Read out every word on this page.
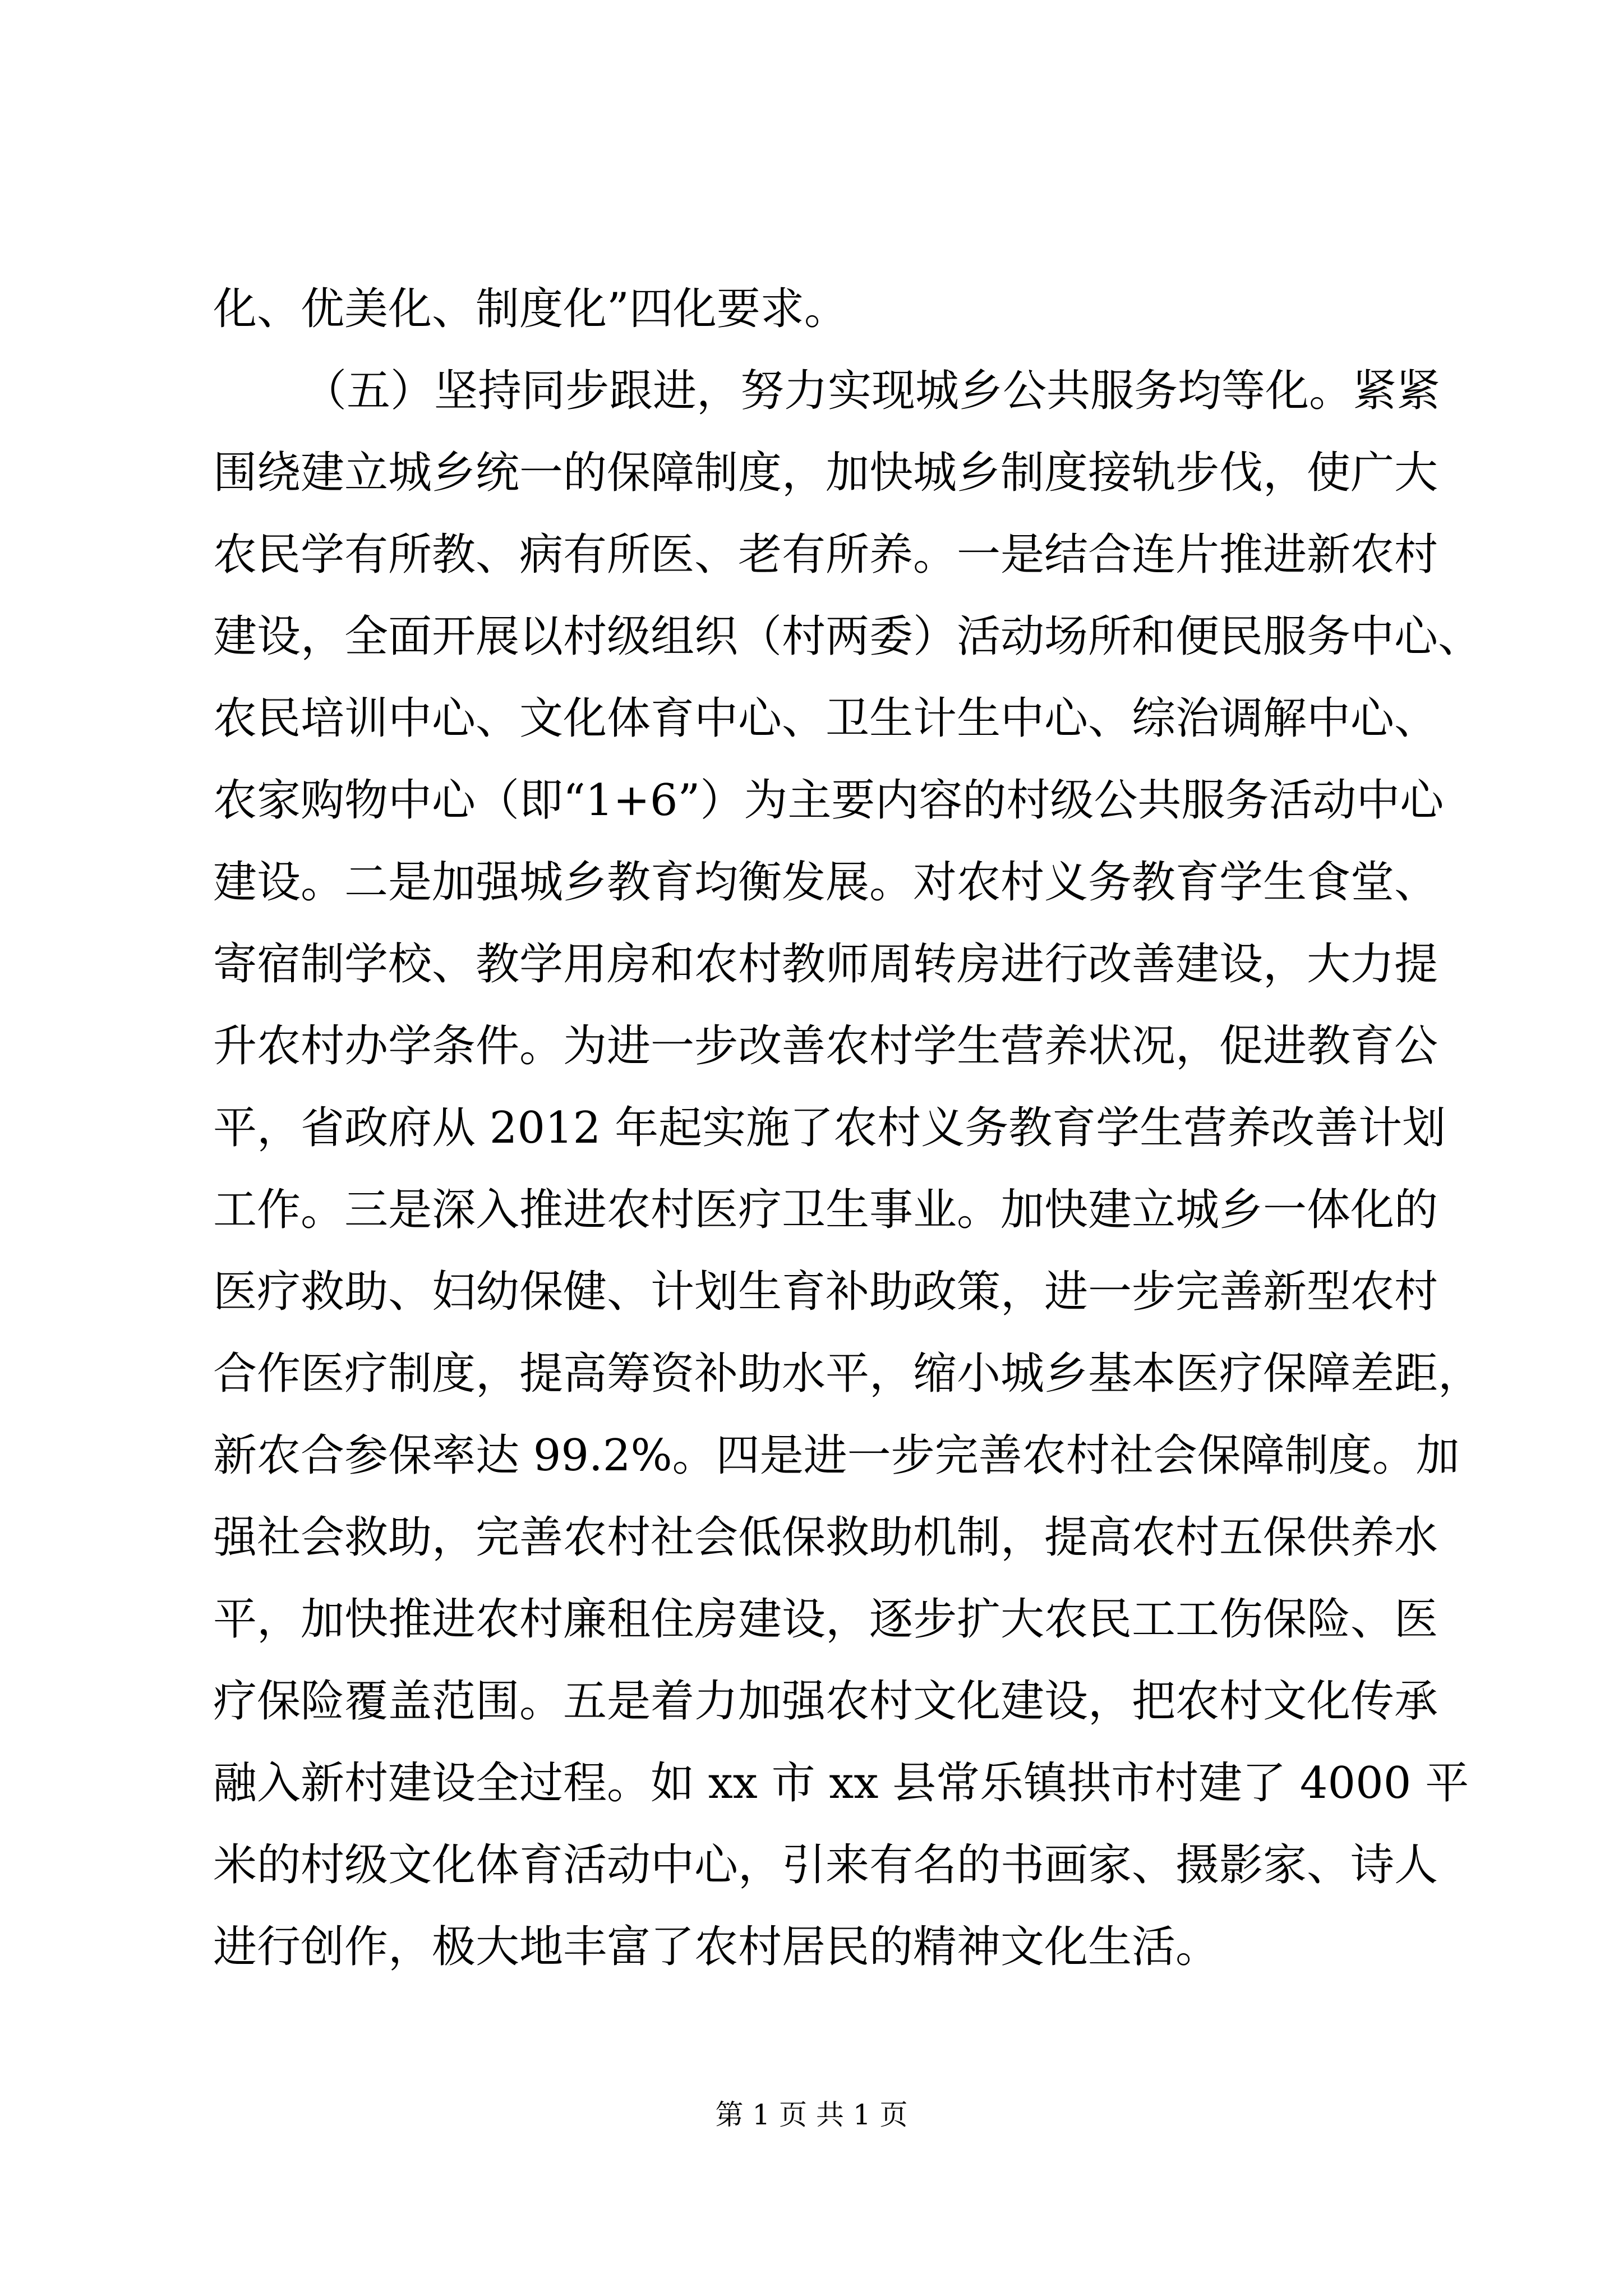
化、优美化、制度化”四化要求。
（五）坚持同步跟进，努力实现城乡公共服务均等化。紧紧
围绕建立城乡统一的保障制度，加快城乡制度接轨步伐，使广大
农民学有所教、病有所医、老有所养。一是结合连片推进新农村
建设，全面开展以村级组织（村两委）活动场所和便民服务中心、
农民培训中心、文化体育中心、卫生计生中心、综治调解中心、
农家购物中心（即“1+6”）为主要内容的村级公共服务活动中心
建设。二是加强城乡教育均衡发展。对农村义务教育学生食堂、
寄宿制学校、教学用房和农村教师周转房进行改善建设，大力提
升农村办学条件。为进一步改善农村学生营养状况，促进教育公
平，省政府从 2012 年起实施了农村义务教育学生营养改善计划
工作。三是深入推进农村医疗卫生事业。加快建立城乡一体化的
医疗救助、妇幼保健、计划生育补助政策，进一步完善新型农村
合作医疗制度，提高筹资补助水平，缩小城乡基本医疗保障差距，
新农合参保率达 99.2%。四是进一步完善农村社会保障制度。加
强社会救助，完善农村社会低保救助机制，提高农村五保供养水
平，加快推进农村廉租住房建设，逐步扩大农民工工伤保险、医
疗保险覆盖范围。五是着力加强农村文化建设，把农村文化传承
融入新村建设全过程。如 xx 市 xx 县常乐镇拱市村建了 4000 平
米的村级文化体育活动中心，引来有名的书画家、摄影家、诗人
进行创作，极大地丰富了农村居民的精神文化生活。
第 1 页 共 1 页
